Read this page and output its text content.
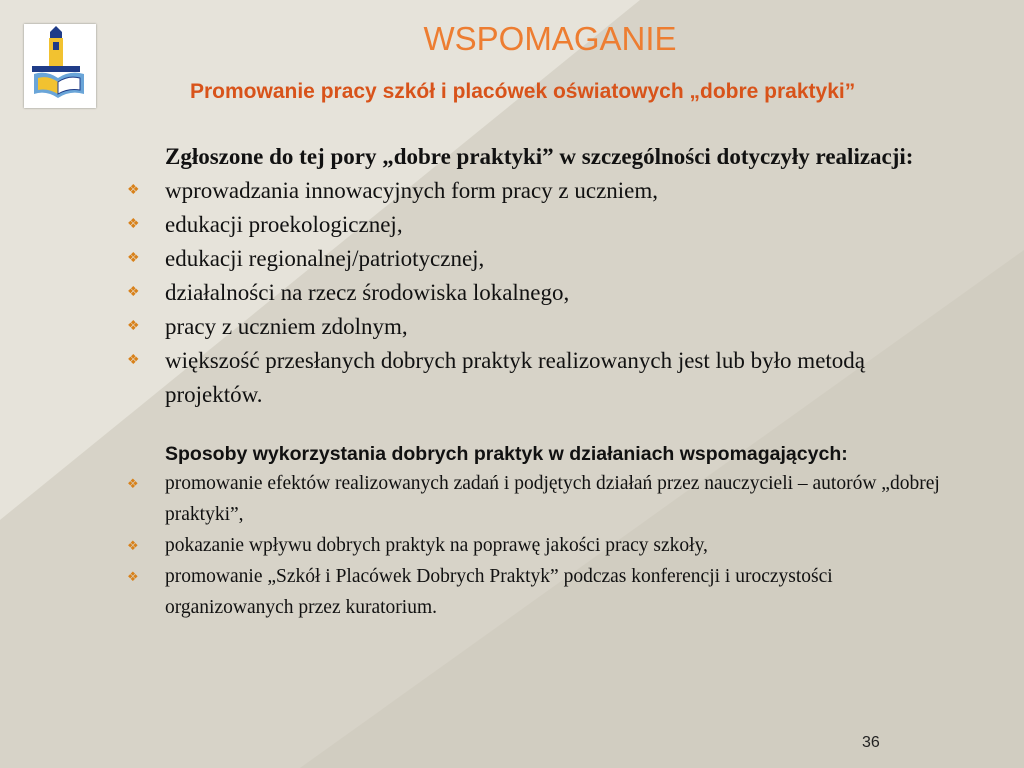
WSPOMAGANIE
Promowanie pracy szkół i placówek oświatowych „dobre praktyki”
Zgłoszone do tej pory „dobre praktyki” w szczególności dotyczyły realizacji:
❖ wprowadzania innowacyjnych form pracy z uczniem,
❖ edukacji proekologicznej,
❖ edukacji regionalnej/patriotycznej,
❖ działalności na rzecz środowiska lokalnego,
❖ pracy z uczniem zdolnym,
❖ większość przesłanych dobrych praktyk realizowanych jest lub było metodą projektów.
Sposoby wykorzystania dobrych praktyk w działaniach wspomagających:
❖ promowanie efektów realizowanych zadań i podjętych działań przez nauczycieli – autorów „dobrej praktyki”,
❖ pokazanie wpływu dobrych praktyk na poprawę jakości pracy szkoły,
❖ promowanie „Szkół i Placówek Dobrych Praktyk” podczas konferencji i uroczystości organizowanych przez kuratorium.
36
